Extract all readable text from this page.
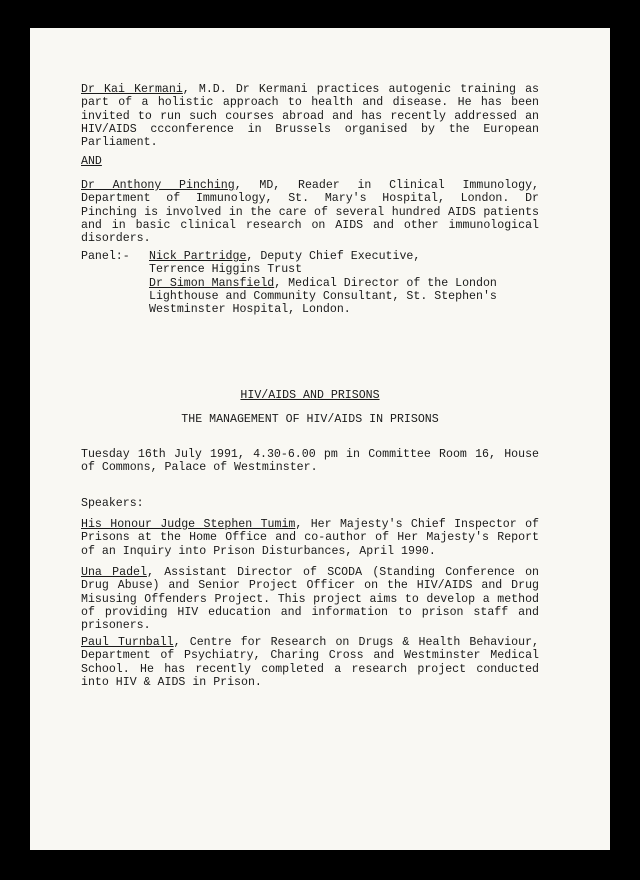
Dr Kai Kermani, M.D. Dr Kermani practices autogenic training as part of a holistic approach to health and disease. He has been invited to run such courses abroad and has recently addressed an HIV/AIDS ccconference in Brussels organised by the European Parliament.

AND

Dr Anthony Pinching, MD, Reader in Clinical Immunology, Department of Immunology, St. Mary's Hospital, London. Dr Pinching is involved in the care of several hundred AIDS patients and in basic clinical research on AIDS and other immunological disorders.

Panel:- Nick Partridge, Deputy Chief Executive,
Terrence Higgins Trust
Dr Simon Mansfield, Medical Director of the London
Lighthouse and Community Consultant, St. Stephen's
Westminster Hospital, London.
HIV/AIDS AND PRISONS
THE MANAGEMENT OF HIV/AIDS IN PRISONS

Tuesday 16th July 1991, 4.30-6.00 pm in Committee Room 16, House of Commons, Palace of Westminster.

Speakers:

His Honour Judge Stephen Tumim, Her Majesty's Chief Inspector of Prisons at the Home Office and co-author of Her Majesty's Report of an Inquiry into Prison Disturbances, April 1990.

Una Padel, Assistant Director of SCODA (Standing Conference on Drug Abuse) and Senior Project Officer on the HIV/AIDS and Drug Misusing Offenders Project. This project aims to develop a method of providing HIV education and information to prison staff and prisoners.

Paul Turnball, Centre for Research on Drugs & Health Behaviour, Department of Psychiatry, Charing Cross and Westminster Medical School. He has recently completed a research project conducted into HIV & AIDS in Prison.
